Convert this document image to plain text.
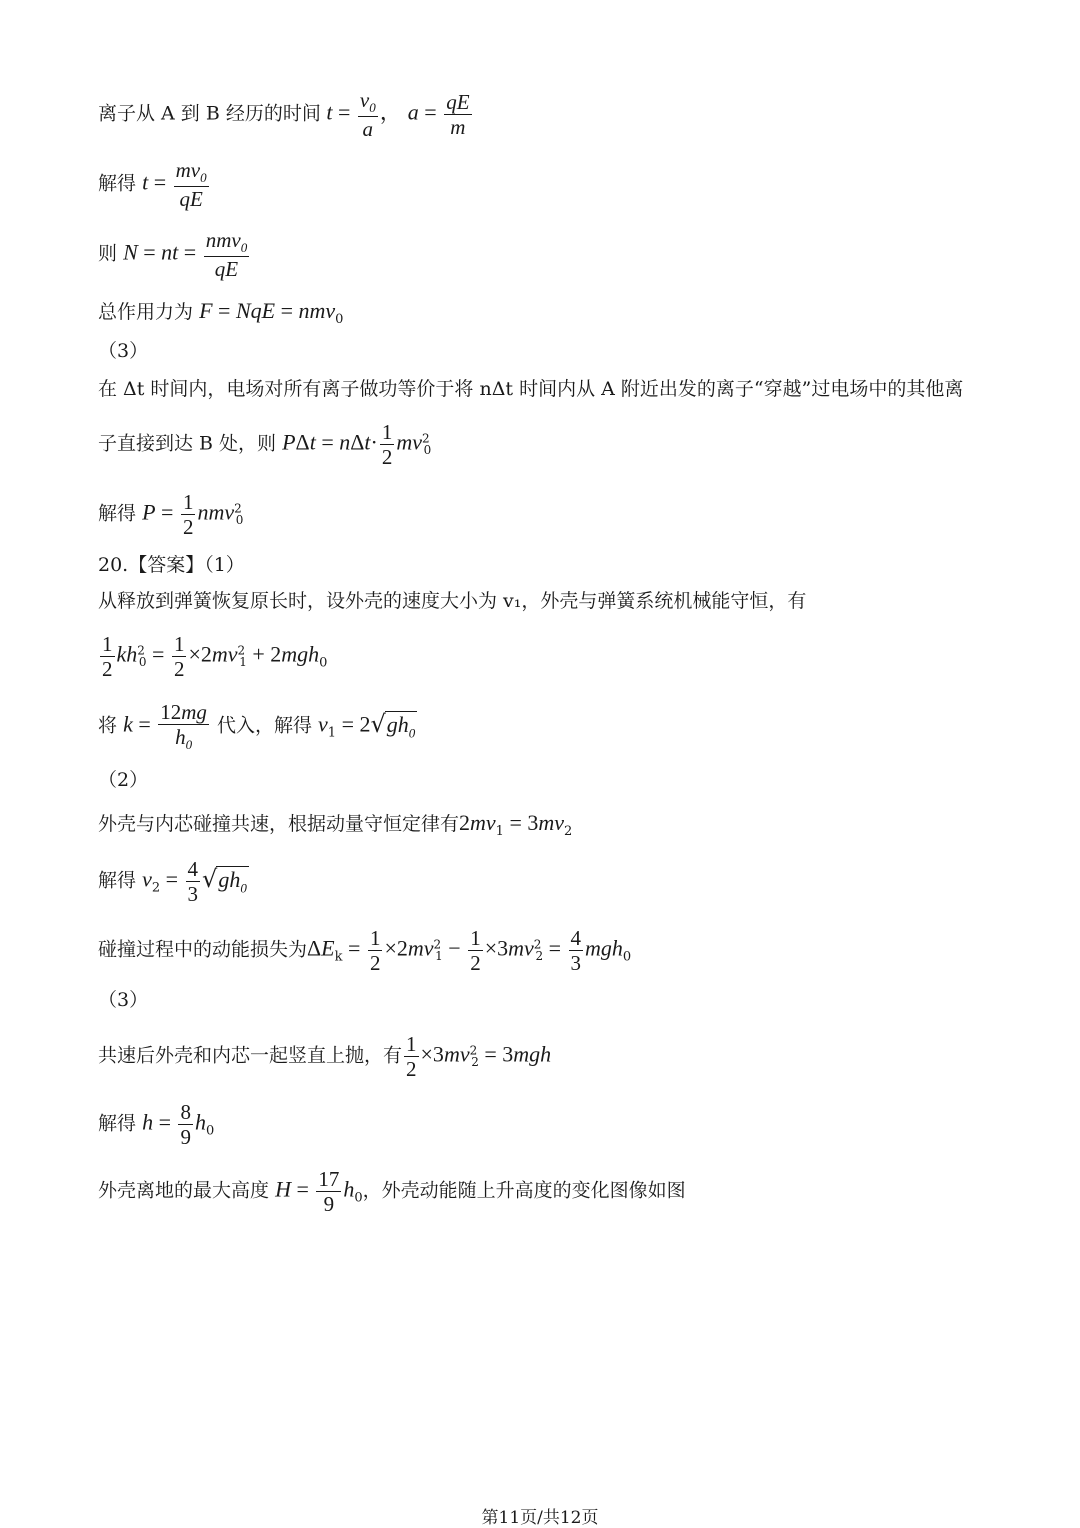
离子从 A 到 B 经历的时间 $t = \frac{v_0}{a}$ ， $a = \frac{qE}{m}$
解得 $t = \frac{mv_0}{qE}$
则 N = nt = $\frac{nmv_0}{qE}$
总作用力为 F = NqE = nmv$_0$
（3）
在 Δt 时间内，电场对所有离子做功等价于将 nΔt 时间内从 A 附近出发的离子“穿越”过电场中的其他离
子直接到达 B 处，则 $P\Delta t = n\Delta t\cdot \frac{1}{2} mv^2_0$
解得 $P = \frac{1}{2} nmv^2_0$
20.【答案】（1）
从释放到弹簧恢复原长时，设外壳的速度大小为 v₁，外壳与弹簧系统机械能守恒，有
$\frac{1}{2} kh^2_0 = \frac{1}{2} \times 2mv^2_1 + 2mgh_0$
将 $k = \frac{12mg}{h_0}$ 代入，解得 $v_1 = 2√gh_0$
（2）
外壳与内芯碰撞共速，根据动量守恒定律有$2mv_1 = 3mv_2$
解得 $v_2 = \frac{4}{3} √gh_0$
碰撞过程中的动能损失为$\Delta E_k = \frac{1}{2} \times 2mv^2_1 - \frac{1}{2} \times 3mv^2_2 = \frac{4}{3} mgh_0$
（3）
共速后外壳和内芯一起竖直上抛，有 $\frac{1}{2} \times 3mv^2_2 = 3mgh$
解得 $h = \frac{8}{9} h_0$
外壳离地的最大高度 $H = \frac{17}{9} h_0$，外壳动能随上升高度的变化图像如图
第11页/共12页
